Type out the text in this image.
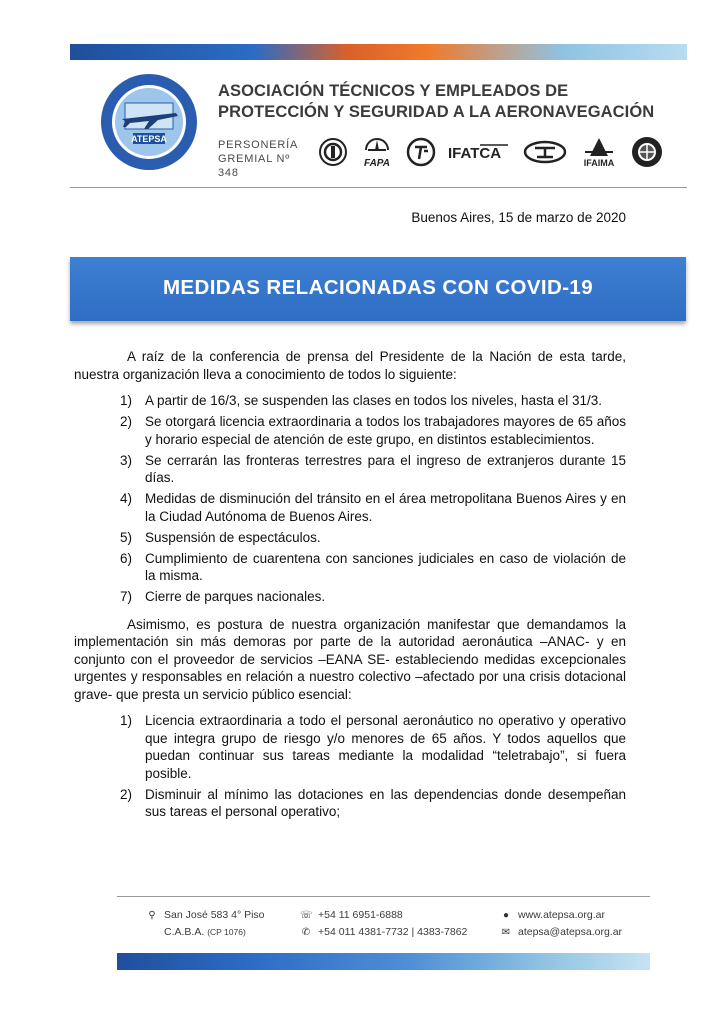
ATEPSA
ASOCIACIÓN TÉCNICOS Y EMPLEADOS DE
PROTECCIÓN Y SEGURIDAD A LA AERONAVEGACIÓN
PERSONERÍA
GREMIAL Nº 348
FAPA
IFATCA
IFAIMA
Buenos Aires, 15 de marzo de 2020
MEDIDAS RELACIONADAS CON COVID-19

A raíz de la conferencia de prensa del Presidente de la Nación de esta tarde, nuestra organización lleva a conocimiento de todos lo siguiente:

1) A partir de 16/3, se suspenden las clases en todos los niveles, hasta el 31/3.
2) Se otorgará licencia extraordinaria a todos los trabajadores mayores de 65 años y horario especial de atención de este grupo, en distintos establecimientos.
3) Se cerrarán las fronteras terrestres para el ingreso de extranjeros durante 15 días.
4) Medidas de disminución del tránsito en el área metropolitana Buenos Aires y en la Ciudad Autónoma de Buenos Aires.
5) Suspensión de espectáculos.
6) Cumplimiento de cuarentena con sanciones judiciales en caso de violación de la misma.
7) Cierre de parques nacionales.

Asimismo, es postura de nuestra organización manifestar que demandamos la implementación sin más demoras por parte de la autoridad aeronáutica –ANAC- y en conjunto con el proveedor de servicios –EANA SE- estableciendo medidas excepcionales urgentes y responsables en relación a nuestro colectivo –afectado por una crisis dotacional grave- que presta un servicio público esencial:

1) Licencia extraordinaria a todo el personal aeronáutico no operativo y operativo que integra grupo de riesgo y/o menores de 65 años. Y todos aquellos que puedan continuar sus tareas mediante la modalidad “teletrabajo”, si fuera posible.
2) Disminuir al mínimo las dotaciones en las dependencias donde desempeñan sus tareas el personal operativo;
⚲ San José 583 4° Piso
C.A.B.A. (CP 1076)
☏ +54 11 6951-6888
✆ +54 011 4381-7732 | 4383-7862
● www.atepsa.org.ar
✉ atepsa@atepsa.org.ar
